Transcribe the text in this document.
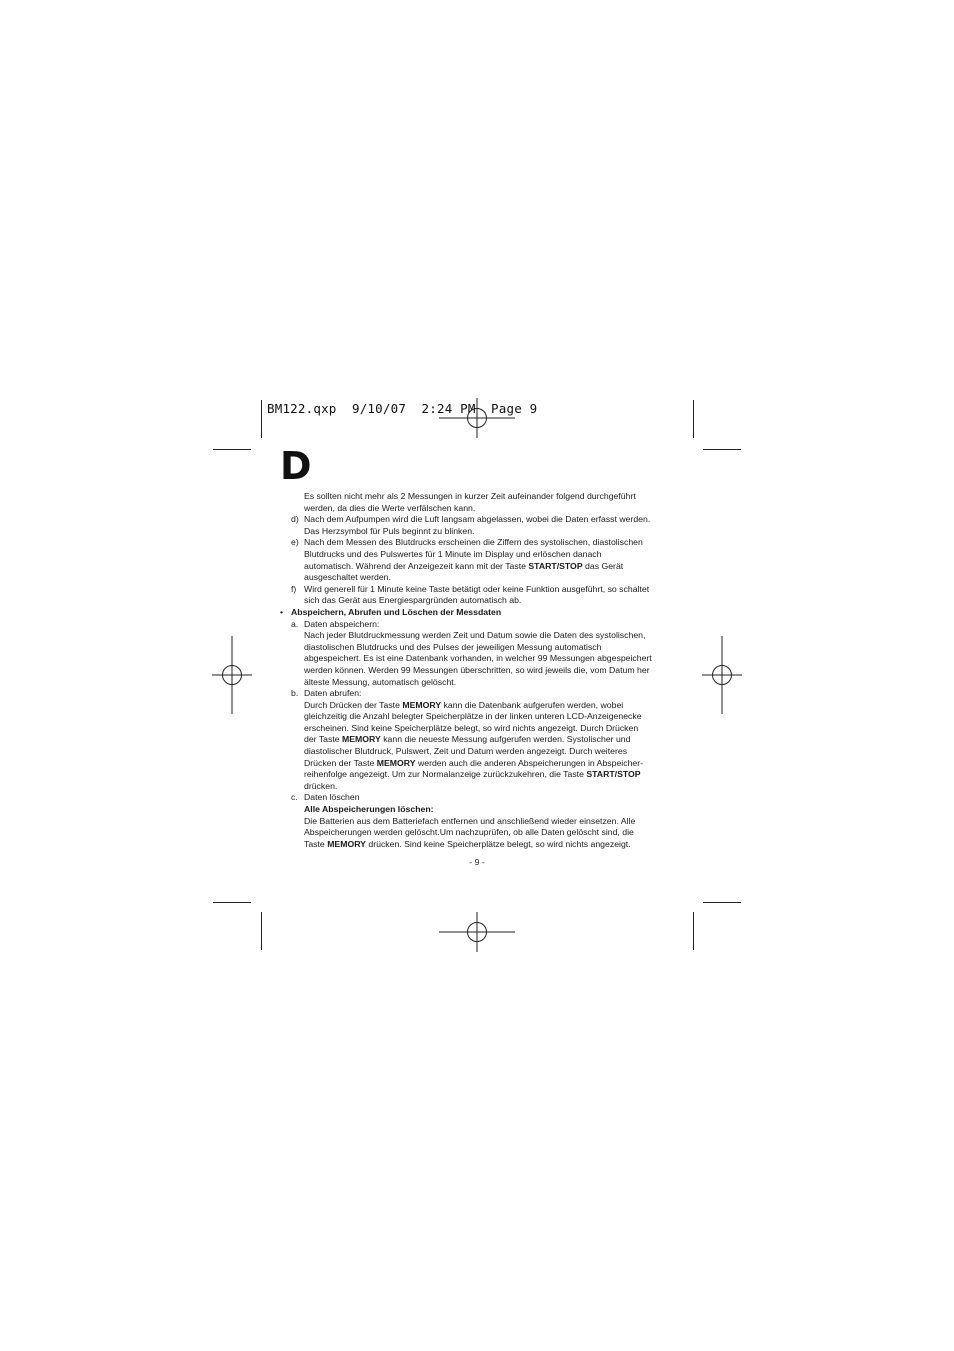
BM122.qxp  9/10/07  2:24 PM  Page 9
D
Es sollten nicht mehr als 2 Messungen in kurzer Zeit aufeinander folgend durchgeführt
werden, da dies die Werte verfälschen kann.
d) Nach dem Aufpumpen wird die Luft langsam abgelassen, wobei die Daten erfasst werden.
Das Herzsymbol für Puls beginnt zu blinken.
e) Nach dem Messen des Blutdrucks erscheinen die Ziffern des systolischen, diastolischen
Blutdrucks und des Pulswertes für 1 Minute im Display und erlöschen danach
automatisch. Während der Anzeigezeit kann mit der Taste START/STOP das Gerät
ausgeschaltet werden.
f) Wird generell für 1 Minute keine Taste betätigt oder keine Funktion ausgeführt, so schaltet
sich das Gerät aus Energiespargründen automatisch ab.
• Abspeichern, Abrufen und Löschen der Messdaten
a. Daten abspeichern:
Nach jeder Blutdruckmessung werden Zeit und Datum sowie die Daten des systolischen,
diastolischen Blutdrucks und des Pulses der jeweiligen Messung automatisch
abgespeichert. Es ist eine Datenbank vorhanden, in welcher 99 Messungen abgespeichert
werden können. Werden 99 Messungen überschritten, so wird jeweils die, vom Datum her
älteste Messung, automatisch gelöscht.
b. Daten abrufen:
Durch Drücken der Taste MEMORY kann die Datenbank aufgerufen werden, wobei
gleichzeitig die Anzahl belegter Speicherplätze in der linken unteren LCD-Anzeigenecke
erscheinen. Sind keine Speicherplätze belegt, so wird nichts angezeigt. Durch Drücken
der Taste MEMORY kann die neueste Messung aufgerufen werden. Systolischer und
diastolischer Blutdruck, Pulswert, Zeit und Datum werden angezeigt. Durch weiteres
Drücken der Taste MEMORY werden auch die anderen Abspeicherungen in Abspeicher-
reihenfolge angezeigt. Um zur Normalanzeige zurückzukehren, die Taste START/STOP
drücken.
c. Daten löschen
Alle Abspeicherungen löschen:
Die Batterien aus dem Batteriefach entfernen und anschließend wieder einsetzen. Alle
Abspeicherungen werden gelöscht.Um nachzuprüfen, ob alle Daten gelöscht sind, die
Taste MEMORY drücken. Sind keine Speicherplätze belegt, so wird nichts angezeigt.
- 9 -
